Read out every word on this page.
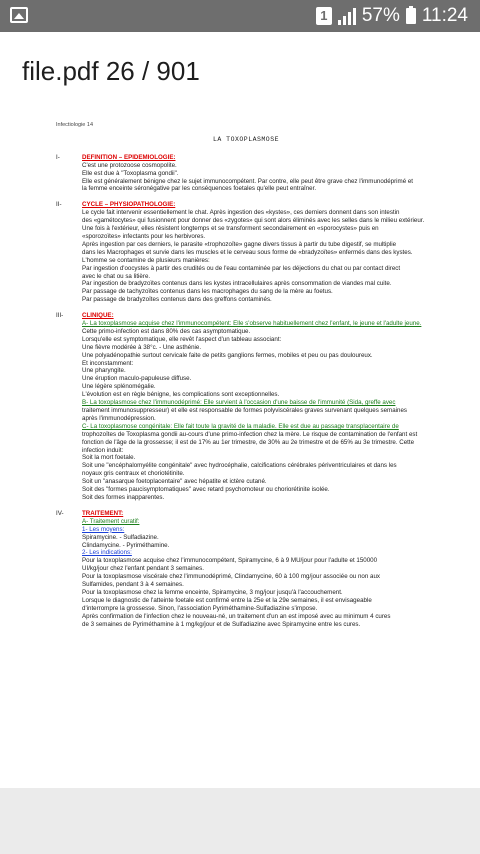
1 57% 11:24
file.pdf 26 / 901
Infectiologie 14
LA TOXOPLASMOSE
I-	DEFINITION – EPIDEMIOLOGIE:
C'est une protozoose cosmopolite.
Elle est due à "Toxoplasma gondii".
Elle est généralement bénigne chez le sujet immunocompétent. Par contre, elle peut être grave chez l'immunodéprimé et
la femme enceinte séronégative par les conséquences foetales qu'elle peut entraîner.
II-	CYCLE – PHYSIOPATHOLOGIE:
Le cycle fait intervenir essentiellement le chat. Après ingestion des «kystes», ces derniers donnent dans son intestin
des «gamétocytes» qui fusionnent pour donner des «zygotes» qui sont alors éliminés avec les selles dans le milieu extérieur.
Une fois à l'extérieur, elles résistent longtemps et se transforment secondairement en «sporocystes» puis en
«sporozoïtes» infectants pour les herbivores.
Après ingestion par ces derniers, le parasite «trophozoïte» gagne divers tissus à partir du tube digestif, se multiplie
dans les Macrophages et survie dans les muscles et le cerveau sous forme de «bradyzoïtes» enfermés dans des kystes.
L'homme se contamine de plusieurs manières:
Par ingestion d'oocystes à partir des crudités ou de l'eau contaminée par les déjections du chat ou par contact direct
avec le chat ou sa litière.
Par ingestion de bradyzoïtes contenus dans les kystes intracellulaires après consommation de viandes mal cuite.
Par passage de tachyzoïtes contenus dans les macrophages du sang de la mère au foetus.
Par passage de bradyzoïtes contenus dans des greffons contaminés.
III-	CLINIQUE:
A- La toxoplasmose acquise chez l'immunocompétent: Elle s'observe habituellement chez l'enfant, le jeune et l'adulte jeune.
Cette primo-infection est dans 80% des cas asymptomatique.
Lorsqu'elle est symptomatique, elle revêt l'aspect d'un tableau associant:
Une fièvre modérée à 38°c. - Une asthénie.
Une polyadénopathie surtout cervicale faite de petits ganglions fermes, mobiles et peu ou pas douloureux.
Et inconstamment:
Une pharyngite.
Une éruption maculo-papuleuse diffuse.
Une légère splénomégalie.
L'évolution est en règle bénigne, les complications sont exceptionnelles.
B- La toxoplasmose chez l'immunodéprimé: Elle survient à l'occasion d'une baisse de l'immunité (Sida, greffe avec
traitement immunosuppresseur) et elle est responsable de formes polyviscérales graves survenant quelques semaines
après l'immunodépression.
C- La toxoplasmose congénitale: Elle fait toute la gravité de la maladie. Elle est due au passage transplacentaire de
trophozoïtes de Toxoplasma gondii au-cours d'une primo-infection chez la mère. Le risque de contamination de l'enfant est
fonction de l'âge de la grossesse; il est de 17% au 1er trimestre, de 30% au 2e trimestre et de 65% au 3e trimestre. Cette
infection induit:
Soit la mort foetale.
Soit une "encéphalomyélite congénitale" avec hydrocéphalie, calcifications cérébrales périventriculaires et dans les
noyaux gris centraux et choriotétinite.
Soit un "anasarque foetoplacentaire" avec hépatite et ictère cutané.
Soit des "formes paucisymptomatiques" avec retard psychomoteur ou choriorétinite isolée.
Soit des formes inapparentes.
IV-	TRAITEMENT:
A- Traitement curatif:
1- Les moyens:
Spiramycine. - Sulfadiazine.
Clindamycine. - Pyriméthamine.
2- Les indications:
Pour la toxoplasmose acquise chez l'immunocompétent, Spiramycine, 6 à 9 MU/jour pour l'adulte et 150000
UI/kg/jour chez l'enfant pendant 3 semaines.
Pour la toxoplasmose viscérale chez l'immunodéprimé, Clindamycine, 60 à 100 mg/jour associée ou non aux
Sulfamides, pendant 3 à 4 semaines.
Pour la toxoplasmose chez la femme enceinte, Spiramycine, 3 mg/jour jusqu'à l'accouchement.
Lorsque le diagnostic de l'atteinte foetale est confirmé entre la 25e et la 29e semaines, il est envisageable
d'interrompre la grossesse. Sinon, l'association Pyriméthamine-Sulfadiazine s'impose.
Après confirmation de l'infection chez le nouveau-né, un traitement d'un an est imposé avec au minimum 4 cures
de 3 semaines de Pyriméthamine à 1 mg/kg/jour et de Sulfadiazine avec Spiramycine entre les cures.
